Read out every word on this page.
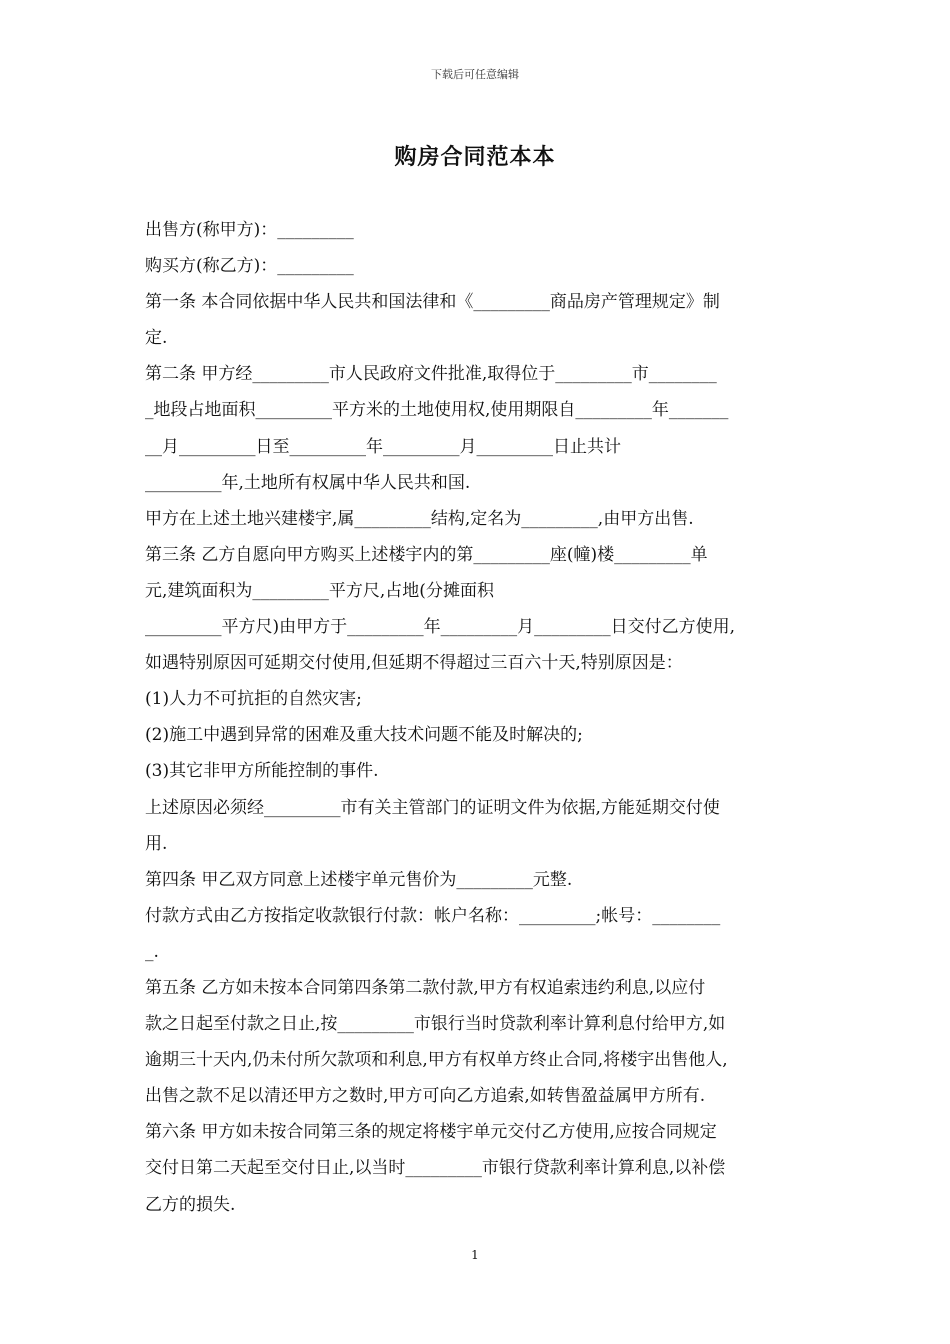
下载后可任意编辑
购房合同范本本
出售方(称甲方)：_________
购买方(称乙方)：_________
第一条 本合同依据中华人民共和国法律和《_________商品房产管理规定》制
定.
第二条 甲方经_________市人民政府文件批准,取得位于_________市________
_地段占地面积_________平方米的土地使用权,使用期限自_________年_______
__月_________日至_________年_________月_________日止共计
_________年,土地所有权属中华人民共和国.
甲方在上述土地兴建楼宇,属_________结构,定名为_________,由甲方出售.
第三条 乙方自愿向甲方购买上述楼宇内的第_________座(幢)楼_________单
元,建筑面积为_________平方尺,占地(分摊面积
_________平方尺)由甲方于_________年_________月_________日交付乙方使用,
如遇特别原因可延期交付使用,但延期不得超过三百六十天,特别原因是：
(1)人力不可抗拒的自然灾害;
(2)施工中遇到异常的困难及重大技术问题不能及时解决的;
(3)其它非甲方所能控制的事件.
上述原因必须经_________市有关主管部门的证明文件为依据,方能延期交付使
用.
第四条 甲乙双方同意上述楼宇单元售价为_________元整.
付款方式由乙方按指定收款银行付款：帐户名称：_________;帐号：________
_.
第五条 乙方如未按本合同第四条第二款付款,甲方有权追索违约利息,以应付
款之日起至付款之日止,按_________市银行当时贷款利率计算利息付给甲方,如
逾期三十天内,仍未付所欠款项和利息,甲方有权单方终止合同,将楼宇出售他人,
出售之款不足以清还甲方之数时,甲方可向乙方追索,如转售盈益属甲方所有.
第六条 甲方如未按合同第三条的规定将楼宇单元交付乙方使用,应按合同规定
交付日第二天起至交付日止,以当时_________市银行贷款利率计算利息,以补偿
乙方的损失.
1
